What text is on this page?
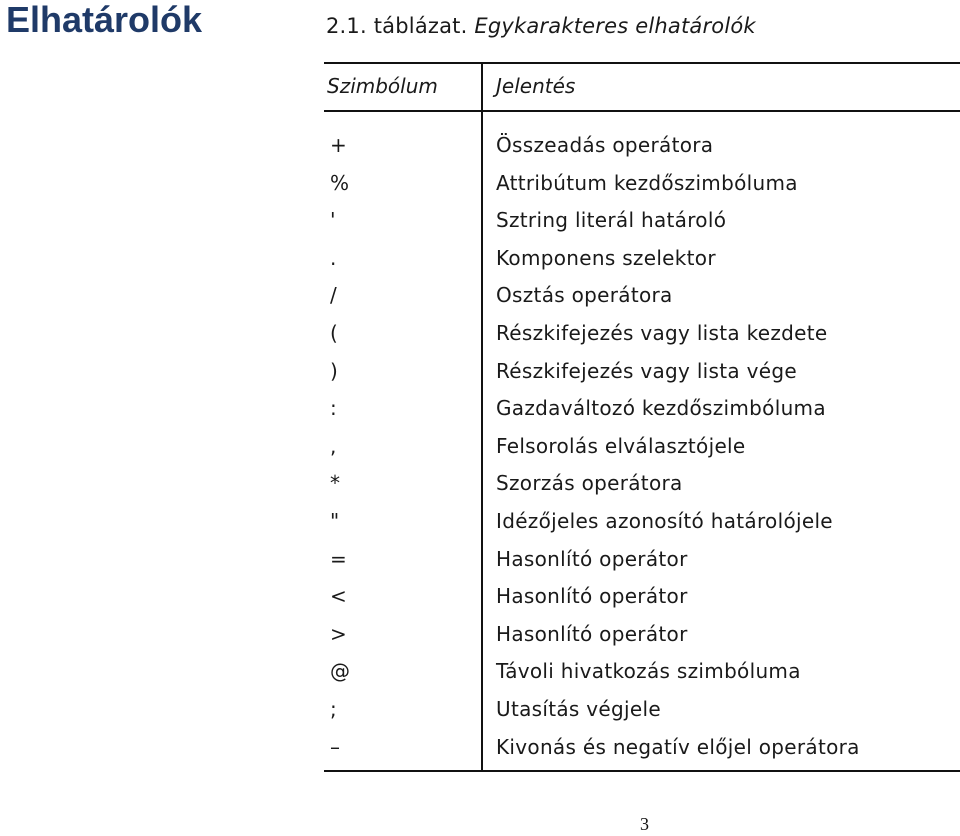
Elhatárolók	2.1. táblázat. Egykarakteres elhatárolók
Szimbólum	Jelentés
+	Összeadás operátora
%	Attribútum kezdőszimbóluma
'	Sztring literál határoló
.	Komponens szelektor
/	Osztás operátora
(	Részkifejezés vagy lista kezdete
)	Részkifejezés vagy lista vége
:	Gazdaváltozó kezdőszimbóluma
,	Felsorolás elválasztójele
*	Szorzás operátora
"	Idézőjeles azonosító határolójele
=	Hasonlító operátor
<	Hasonlító operátor
>	Hasonlító operátor
@	Távoli hivatkozás szimbóluma
;	Utasítás végjele
–	Kivonás és negatív előjel operátora
3
